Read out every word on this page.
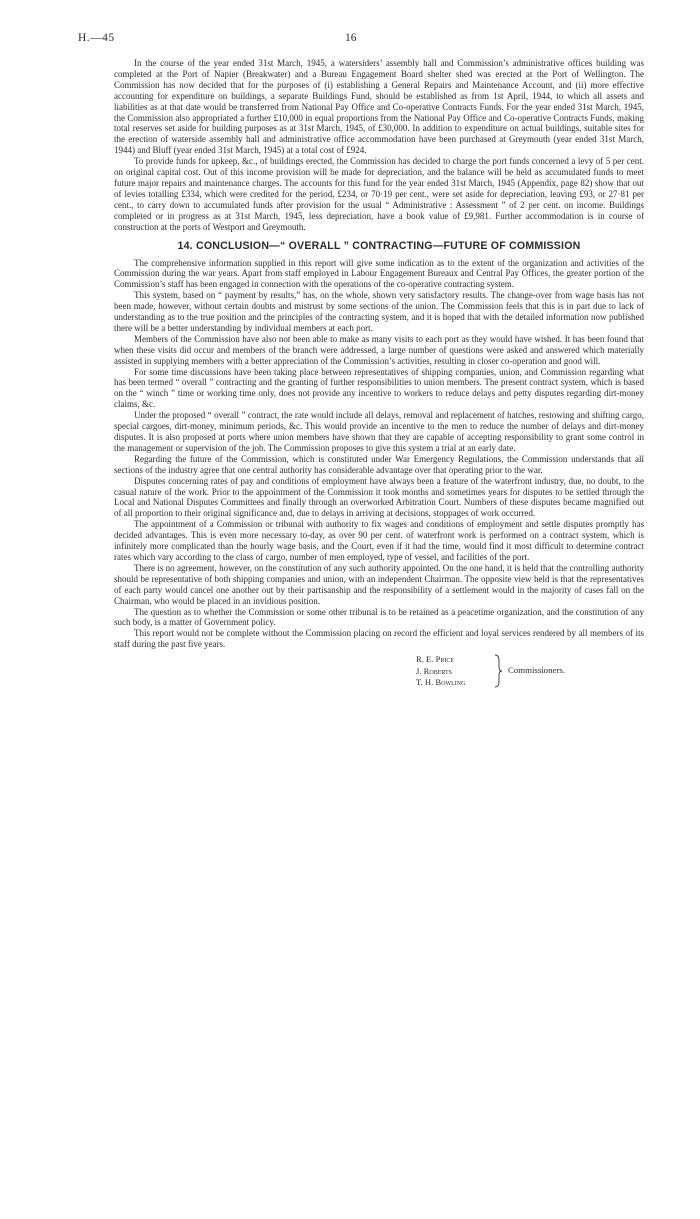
H.—45	16

In the course of the year ended 31st March, 1945, a watersiders’ assembly hall and Commission’s administrative offices building was completed at the Port of Napier (Breakwater) and a Bureau Engagement Board shelter shed was erected at the Port of Wellington. The Commission has now decided that for the purposes of (i) establishing a General Repairs and Maintenance Account, and (ii) more effective accounting for expenditure on buildings, a separate Buildings Fund, should be established as from 1st April, 1944, to which all assets and liabilities as at that date would be transferred from National Pay Office and Co-operative Contracts Funds. For the year ended 31st March, 1945, the Commission also appropriated a further £10,000 in equal proportions from the National Pay Office and Co-operative Contracts Funds, making total reserves set aside for building purposes as at 31st March, 1945, of £30,000. In addition to expenditure on actual buildings, suitable sites for the erection of waterside assembly hall and administrative office accommodation have been purchased at Greymouth (year ended 31st March, 1944) and Bluff (year ended 31st March, 1945) at a total cost of £924.

To provide funds for upkeep, &c., of buildings erected, the Commission has decided to charge the port funds concerned a levy of 5 per cent. on original capital cost. Out of this income provision will be made for depreciation, and the balance will be held as accumulated funds to meet future major repairs and maintenance charges. The accounts for this fund for the year ended 31st March, 1945 (Appendix, page 82) show that out of levies totalling £334, which were credited for the period, £234, or 70·19 per cent., were set aside for depreciation, leaving £93, or 27·81 per cent., to carry down to accumulated funds after provision for the usual “ Administrative : Assessment ” of 2 per cent. on income. Buildings completed or in progress as at 31st March, 1945, less depreciation, have a book value of £9,981. Further accommodation is in course of construction at the ports of Westport and Greymouth.

14. CONCLUSION—“ OVERALL ” CONTRACTING—FUTURE OF COMMISSION

The comprehensive information supplied in this report will give some indication as to the extent of the organization and activities of the Commission during the war years. Apart from staff employed in Labour Engagement Bureaux and Central Pay Offices, the greater portion of the Commission’s staff has been engaged in connection with the operations of the co-operative contracting system.

This system, based on “ payment by results,” has, on the whole, shown very satisfactory results. The change-over from wage basis has not been made, however, without certain doubts and mistrust by some sections of the union. The Commission feels that this is in part due to lack of understanding as to the true position and the principles of the contracting system, and it is hoped that with the detailed information now published there will be a better understanding by individual members at each port.

Members of the Commission have also not been able to make as many visits to each port as they would have wished. It has been found that when these visits did occur and members of the branch were addressed, a large number of questions were asked and answered which materially assisted in supplying members with a better appreciation of the Commission’s activities, resulting in closer co-operation and good will.

For some time discussions have been taking place between representatives of shipping companies, union, and Commission regarding what has been termed “ overall ” contracting and the granting of further responsibilities to union members. The present contract system, which is based on the “ winch ” time or working time only, does not provide any incentive to workers to reduce delays and petty disputes regarding dirt-money claims, &c.

Under the proposed “ overall ” contract, the rate would include all delays, removal and replacement of hatches, restowing and shifting cargo, special cargoes, dirt-money, minimum periods, &c. This would provide an incentive to the men to reduce the number of delays and dirt-money disputes. It is also proposed at ports where union members have shown that they are capable of accepting responsibility to grant some control in the management or supervision of the job. The Commission proposes to give this system a trial at an early date.

Regarding the future of the Commission, which is constituted under War Emergency Regulations, the Commission understands that all sections of the industry agree that one central authority has considerable advantage over that operating prior to the war.

Disputes concerning rates of pay and conditions of employment have always been a feature of the waterfront industry, due, no doubt, to the casual nature of the work. Prior to the appointment of the Commission it took months and sometimes years for disputes to be settled through the Local and National Disputes Committees and finally through an overworked Arbitration Court. Numbers of these disputes became magnified out of all proportion to their original significance and, due to delays in arriving at decisions, stoppages of work occurred.

The appointment of a Commission or tribunal with authority to fix wages and conditions of employment and settle disputes promptly has decided advantages. This is even more necessary to-day, as over 90 per cent. of waterfront work is performed on a contract system, which is infinitely more complicated than the hourly wage basis, and the Court, even if it had the time, would find it most difficult to determine contract rates which vary according to the class of cargo, number of men employed, type of vessel, and facilities of the port.

There is no agreement, however, on the constitution of any such authority appointed. On the one hand, it is held that the controlling authority should be representative of both shipping companies and union, with an independent Chairman. The opposite view held is that the representatives of each party would cancel one another out by their partisanship and the responsibility of a settlement would in the majority of cases fall on the Chairman, who would be placed in an invidious position.

The question as to whether the Commission or some other tribunal is to be retained as a peacetime organization, and the constitution of any such body, is a matter of Government policy.

This report would not be complete without the Commission placing on record the efficient and loyal services rendered by all members of its staff during the past five years.

R. E. Price
J. Roberts
T. H. Bowling
Commissioners.
